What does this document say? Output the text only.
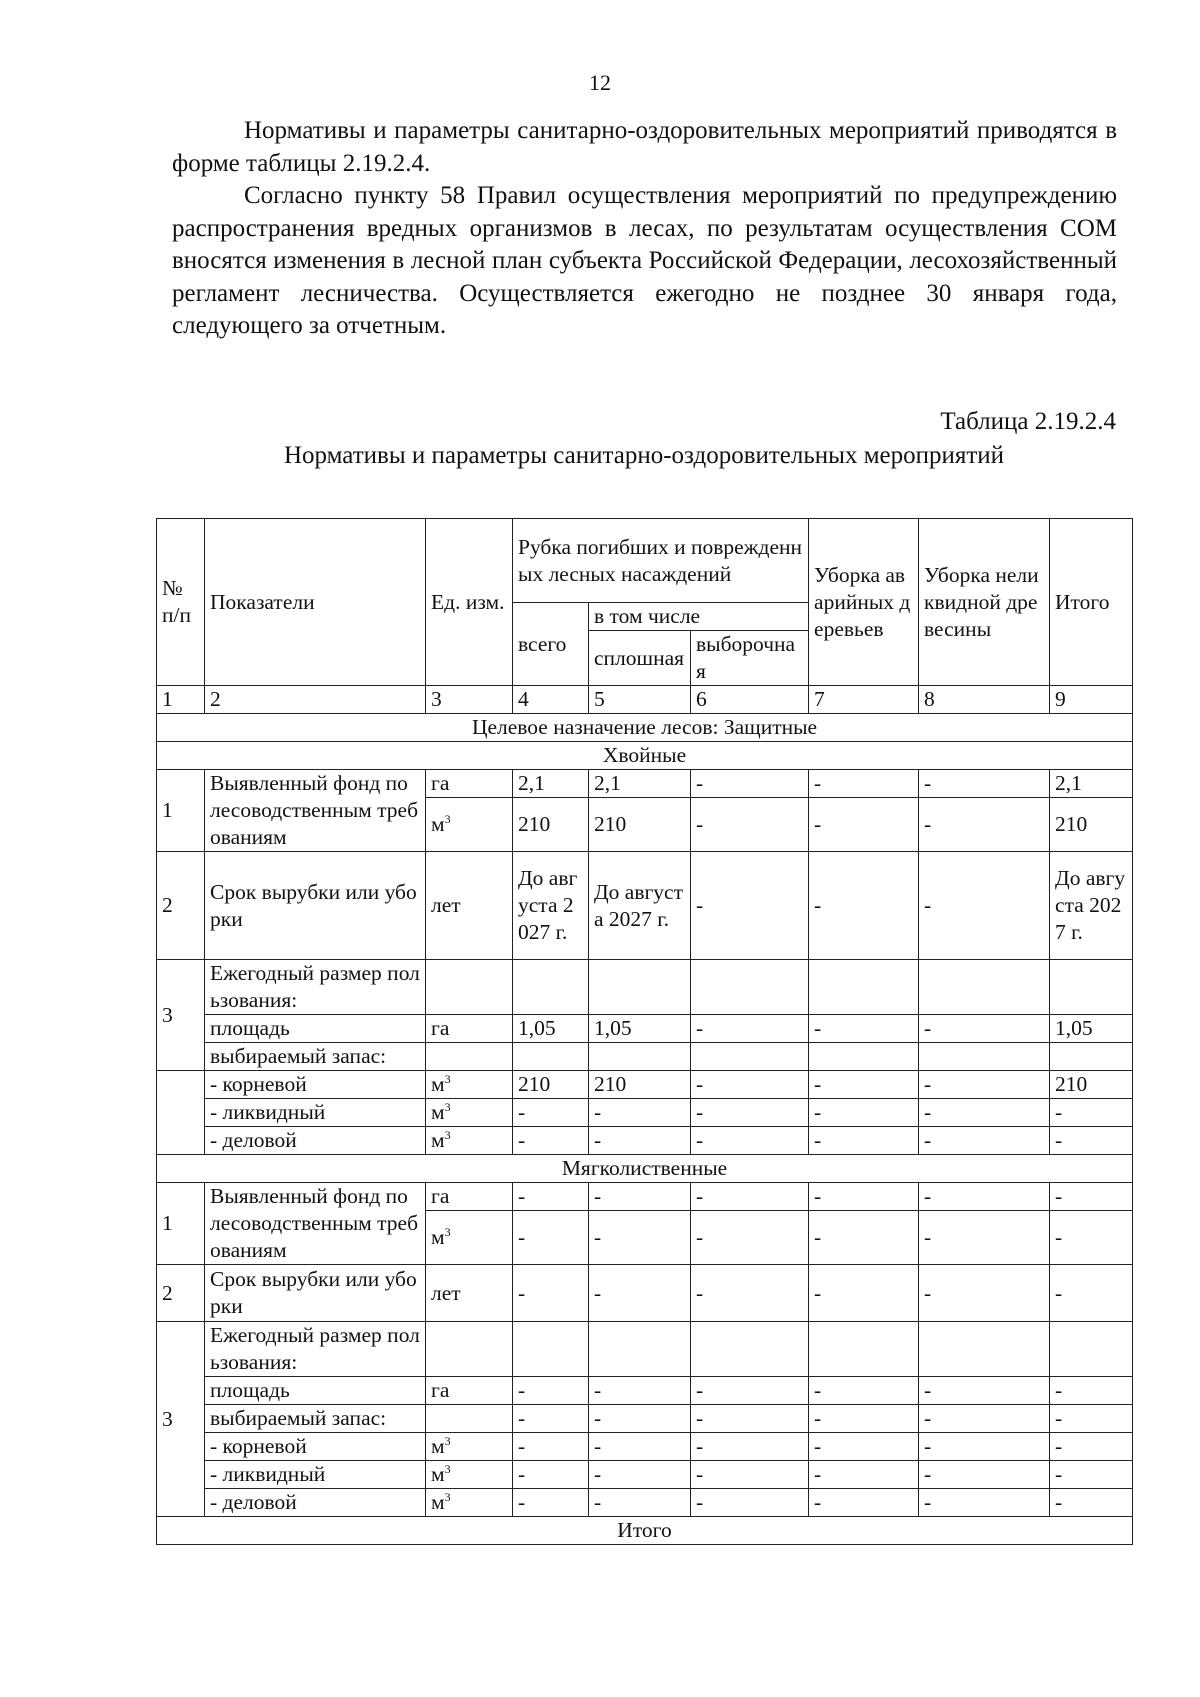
12

Нормативы и параметры санитарно-оздоровительных мероприятий приводятся в форме таблицы 2.19.2.4.

Согласно пункту 58 Правил осуществления мероприятий по предупреждению распространения вредных организмов в лесах, по результатам осуществления СОМ вносятся изменения в лесной план субъекта Российской Федерации, лесохозяйственный регламент лесничества. Осуществляется ежегодно не позднее 30 января года, следующего за отчетным.

Таблица 2.19.2.4
Нормативы и параметры санитарно-оздоровительных мероприятий
№ п/п	Показатели	Ед. изм.	Рубка погибших и поврежденных лесных насаждений			Уборка аварийных деревьев	Уборка неликвидной древесины	Итого
			всего	в том числе				
				сплошная	выборочная			
1	2	3	4	5	6	7	8	9
Целевое назначение лесов: Защитные								
Хвойные								
1	Выявленный фонд по лесоводственным требованиям	га	2,1	2,1	-	-	-	2,1
		$м^3$	210	210	-	-	-	210
2	Срок вырубки или уборки	лет	До августа 2027 г.	До августа 2027 г.	-	-	-	До августа 2027 г.
3	Ежегодный размер пользования:							
	площадь	га	1,05	1,05	-	-	-	1,05
	выбираемый запас:							
	- корневой	$м^3$	210	210	-	-	-	210
	- ликвидный	$м^3$	-	-	-	-	-	-
	- деловой	$м^3$	-	-	-	-	-	-
Мягколиственные								
1	Выявленный фонд по лесоводственным требованиям	га	-	-	-	-	-	-
		$м^3$	-	-	-	-	-	-
2	Срок вырубки или уборки	лет	-	-	-	-	-	-
3	Ежегодный размер пользования:							
	площадь	га	-	-	-	-	-	-
	выбираемый запас:		-	-	-	-	-	-
	- корневой	$м^3$	-	-	-	-	-	-
	- ликвидный	$м^3$	-	-	-	-	-	-
	- деловой	$м^3$	-	-	-	-	-	-
Итого								
